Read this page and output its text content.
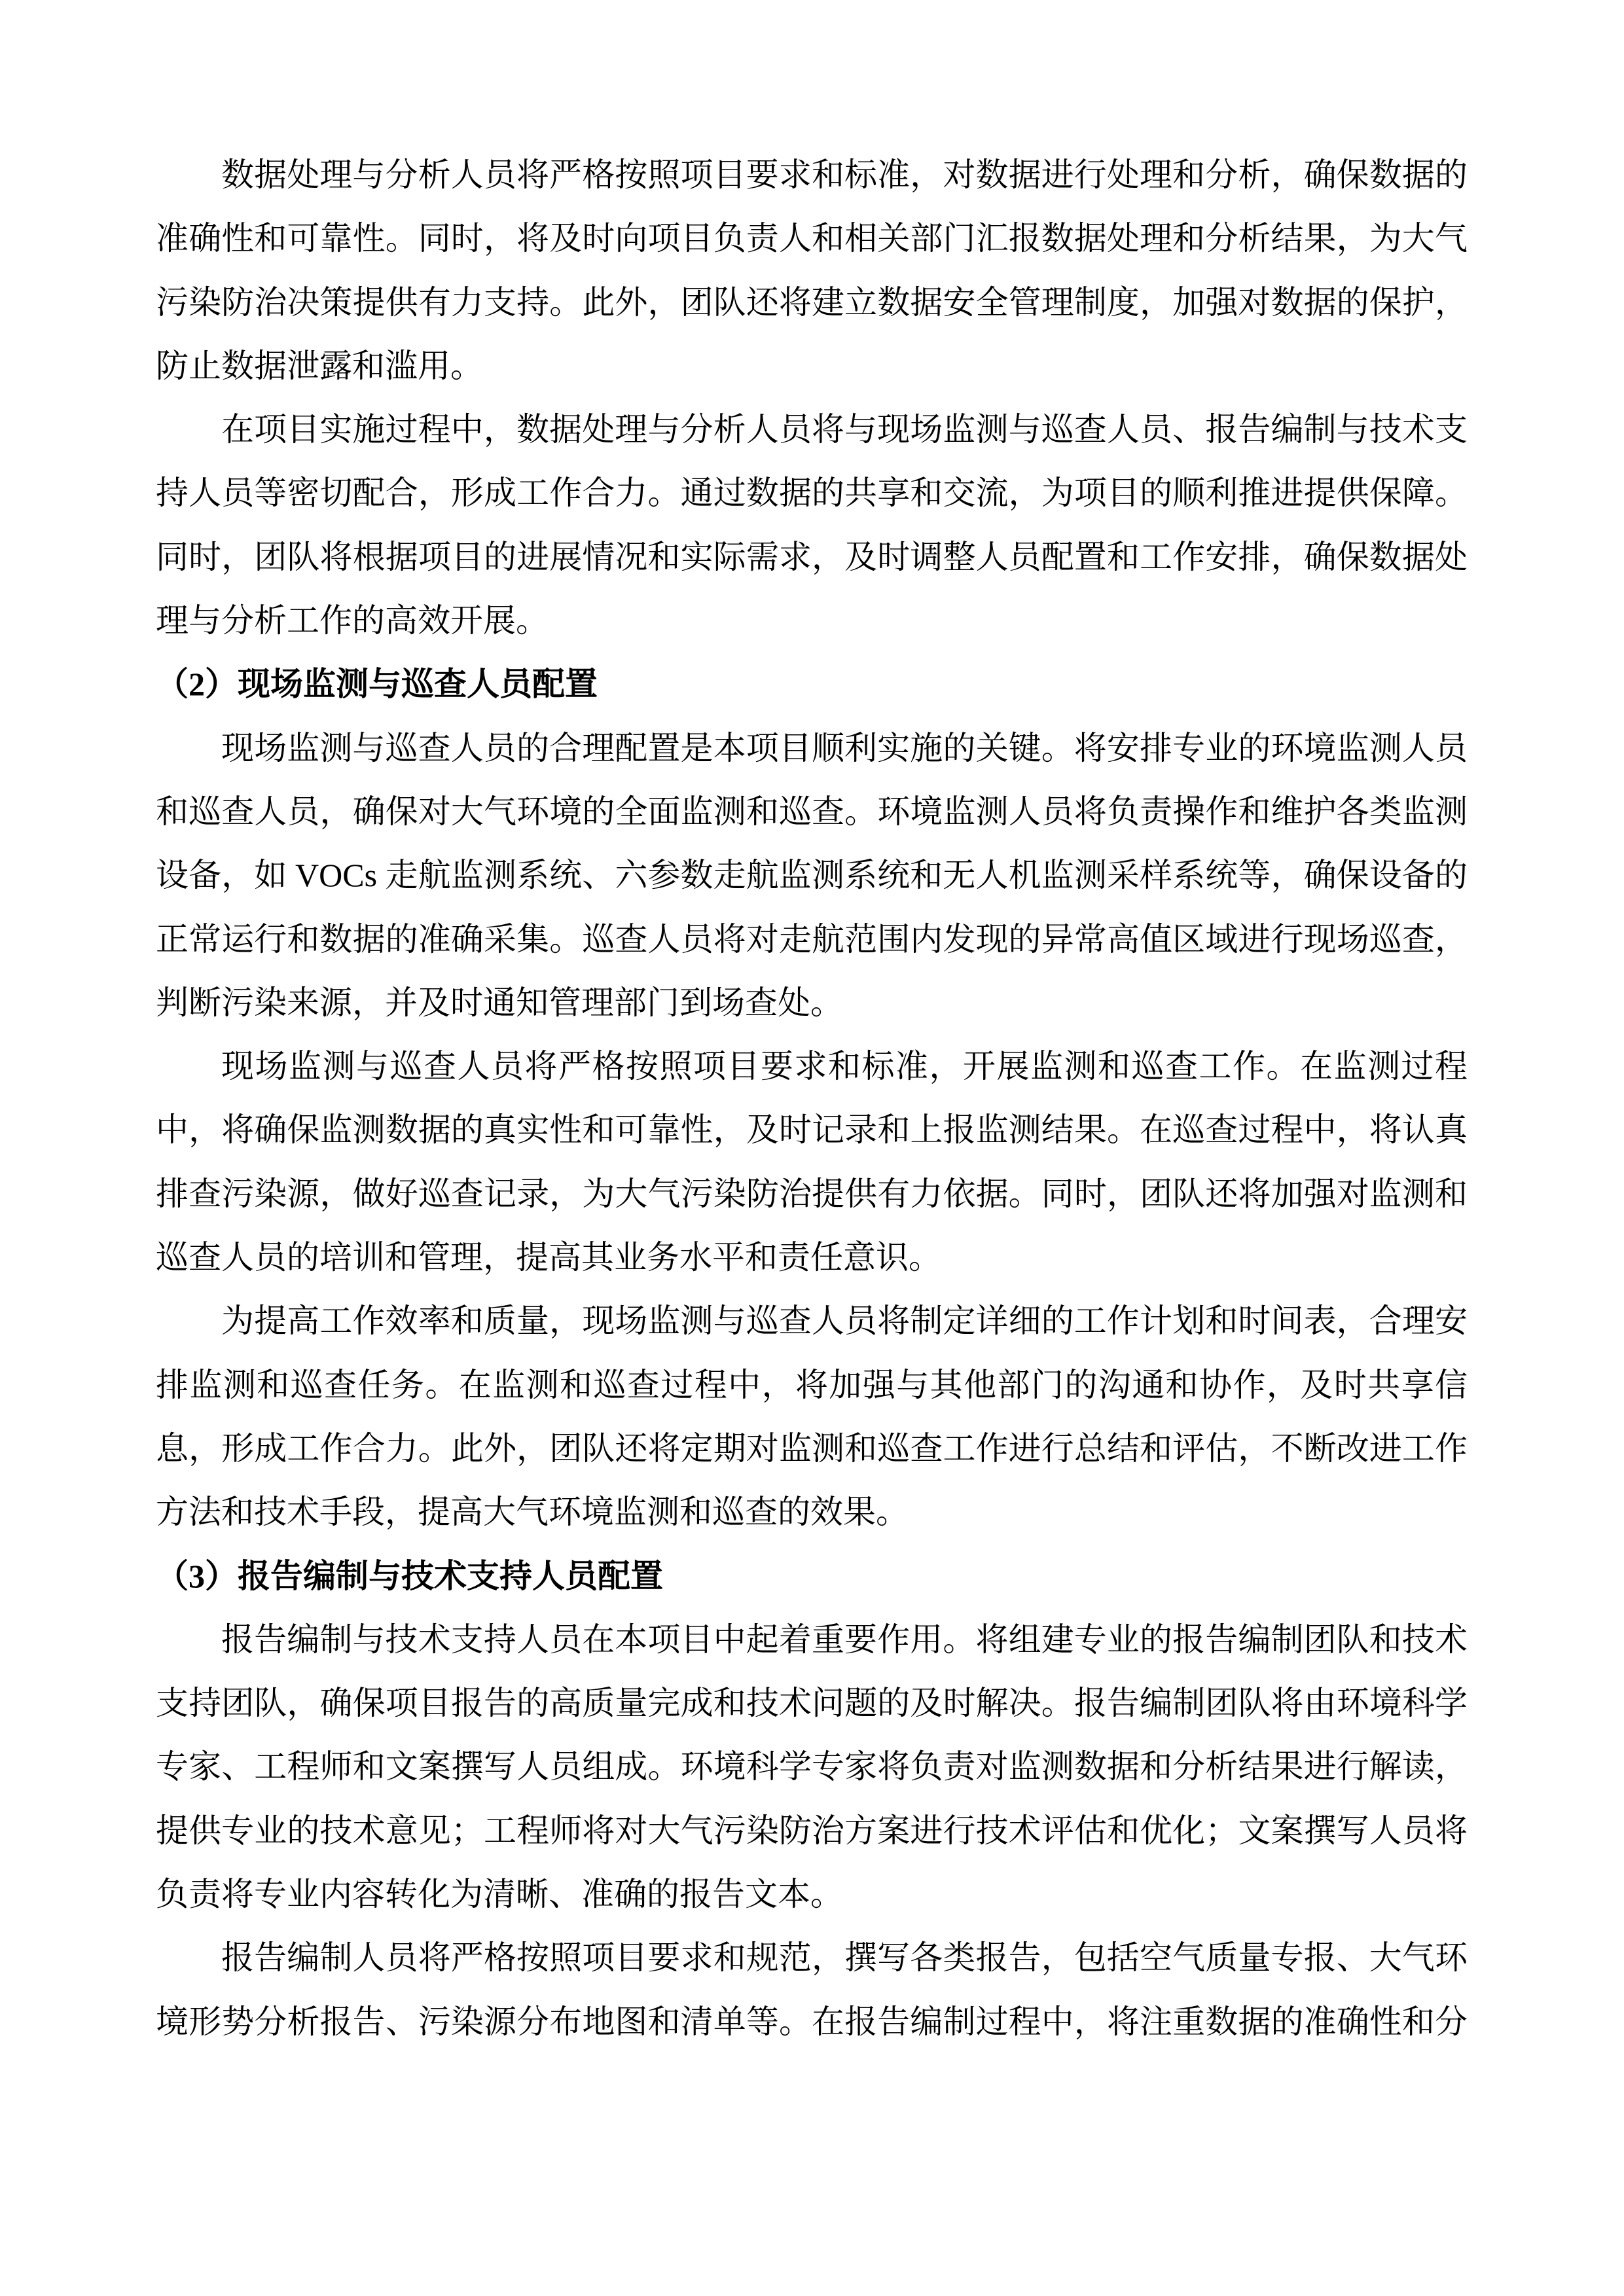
数据处理与分析人员将严格按照项目要求和标准，对数据进行处理和分析，确保数据的
准确性和可靠性。同时，将及时向项目负责人和相关部门汇报数据处理和分析结果，为大气
污染防治决策提供有力支持。此外，团队还将建立数据安全管理制度，加强对数据的保护，
防止数据泄露和滥用。
在项目实施过程中，数据处理与分析人员将与现场监测与巡查人员、报告编制与技术支
持人员等密切配合，形成工作合力。通过数据的共享和交流，为项目的顺利推进提供保障。
同时，团队将根据项目的进展情况和实际需求，及时调整人员配置和工作安排，确保数据处
理与分析工作的高效开展。
（2）现场监测与巡查人员配置
现场监测与巡查人员的合理配置是本项目顺利实施的关键。将安排专业的环境监测人员
和巡查人员，确保对大气环境的全面监测和巡查。环境监测人员将负责操作和维护各类监测
设备，如 VOCs 走航监测系统、六参数走航监测系统和无人机监测采样系统等，确保设备的
正常运行和数据的准确采集。巡查人员将对走航范围内发现的异常高值区域进行现场巡查，
判断污染来源，并及时通知管理部门到场查处。
现场监测与巡查人员将严格按照项目要求和标准，开展监测和巡查工作。在监测过程
中，将确保监测数据的真实性和可靠性，及时记录和上报监测结果。在巡查过程中，将认真
排查污染源，做好巡查记录，为大气污染防治提供有力依据。同时，团队还将加强对监测和
巡查人员的培训和管理，提高其业务水平和责任意识。
为提高工作效率和质量，现场监测与巡查人员将制定详细的工作计划和时间表，合理安
排监测和巡查任务。在监测和巡查过程中，将加强与其他部门的沟通和协作，及时共享信
息，形成工作合力。此外，团队还将定期对监测和巡查工作进行总结和评估，不断改进工作
方法和技术手段，提高大气环境监测和巡查的效果。
（3）报告编制与技术支持人员配置
报告编制与技术支持人员在本项目中起着重要作用。将组建专业的报告编制团队和技术
支持团队，确保项目报告的高质量完成和技术问题的及时解决。报告编制团队将由环境科学
专家、工程师和文案撰写人员组成。环境科学专家将负责对监测数据和分析结果进行解读，
提供专业的技术意见；工程师将对大气污染防治方案进行技术评估和优化；文案撰写人员将
负责将专业内容转化为清晰、准确的报告文本。
报告编制人员将严格按照项目要求和规范，撰写各类报告，包括空气质量专报、大气环
境形势分析报告、污染源分布地图和清单等。在报告编制过程中，将注重数据的准确性和分
